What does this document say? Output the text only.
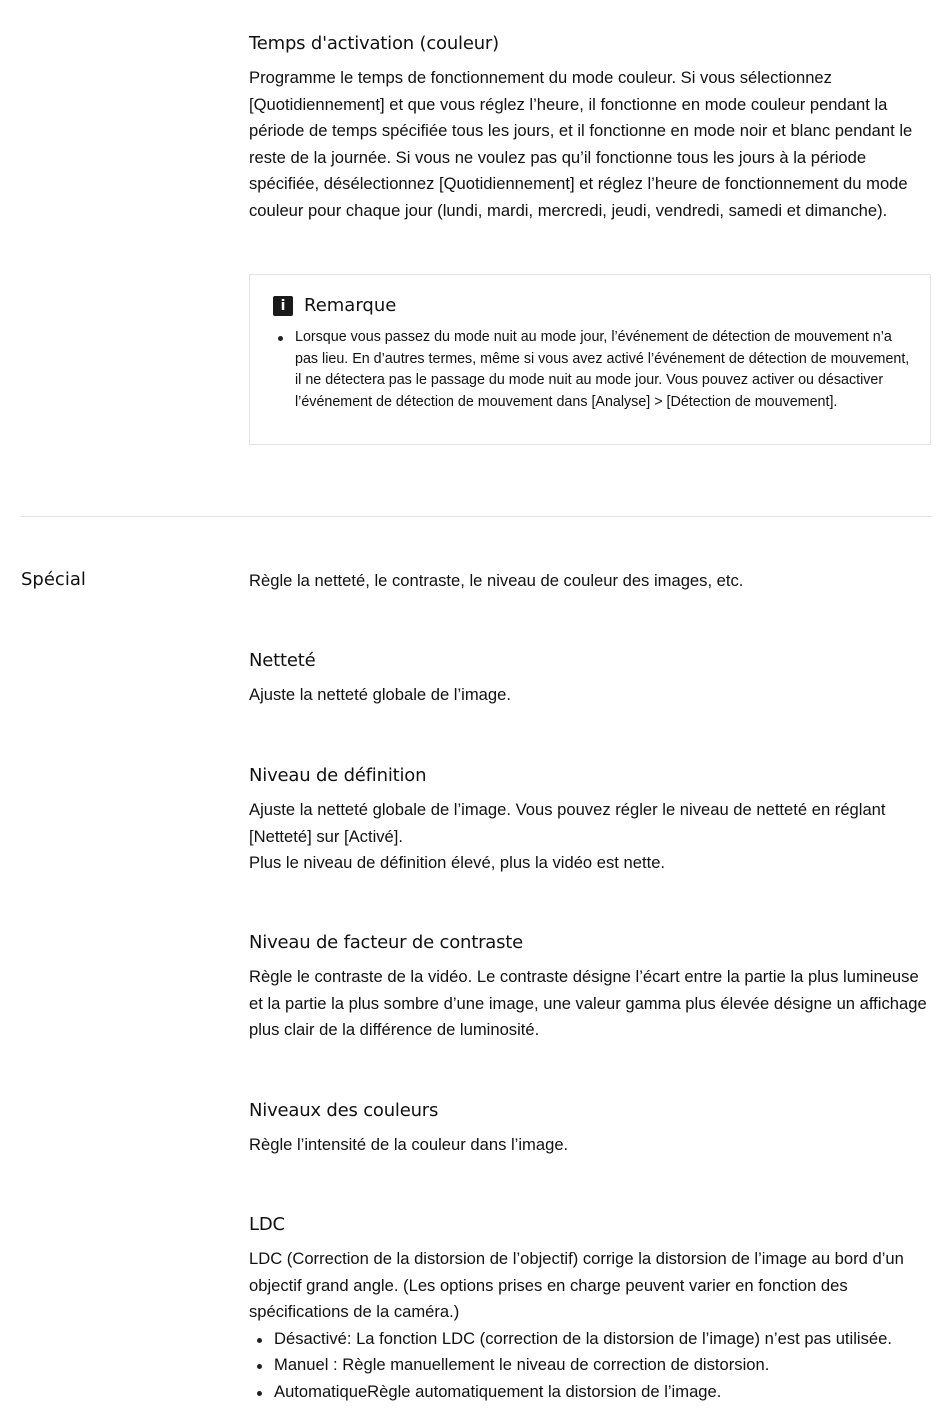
Temps d'activation (couleur)

Programme le temps de fonctionnement du mode couleur. Si vous sélectionnez [Quotidiennement] et que vous réglez l’heure, il fonctionne en mode couleur pendant la période de temps spécifiée tous les jours, et il fonctionne en mode noir et blanc pendant le reste de la journée. Si vous ne voulez pas qu’il fonctionne tous les jours à la période spécifiée, désélectionnez [Quotidiennement] et réglez l’heure de fonctionnement du mode couleur pour chaque jour (lundi, mardi, mercredi, jeudi, vendredi, samedi et dimanche).

i	Remarque
Lorsque vous passez du mode nuit au mode jour, l’événement de détection de mouvement n’a pas lieu. En d’autres termes, même si vous avez activé l’événement de détection de mouvement, il ne détectera pas le passage du mode nuit au mode jour. Vous pouvez activer ou désactiver l’événement de détection de mouvement dans [Analyse] > [Détection de mouvement].
Spécial	Règle la netteté, le contraste, le niveau de couleur des images, etc.

Netteté

Ajuste la netteté globale de l’image.

Niveau de définition

Ajuste la netteté globale de l’image. Vous pouvez régler le niveau de netteté en réglant [Netteté] sur [Activé].

Plus le niveau de définition élevé, plus la vidéo est nette.

Niveau de facteur de contraste

Règle le contraste de la vidéo. Le contraste désigne l’écart entre la partie la plus lumineuse et la partie la plus sombre d’une image, une valeur gamma plus élevée désigne un affichage plus clair de la différence de luminosité.

Niveaux des couleurs

Règle l’intensité de la couleur dans l’image.

LDC

LDC (Correction de la distorsion de l’objectif) corrige la distorsion de l’image au bord d’un objectif grand angle. (Les options prises en charge peuvent varier en fonction des spécifications de la caméra.)

Désactivé: La fonction LDC (correction de la distorsion de l’image) n’est pas utilisée.
Manuel : Règle manuellement le niveau de correction de distorsion.
AutomatiqueRègle automatiquement la distorsion de l’image.
